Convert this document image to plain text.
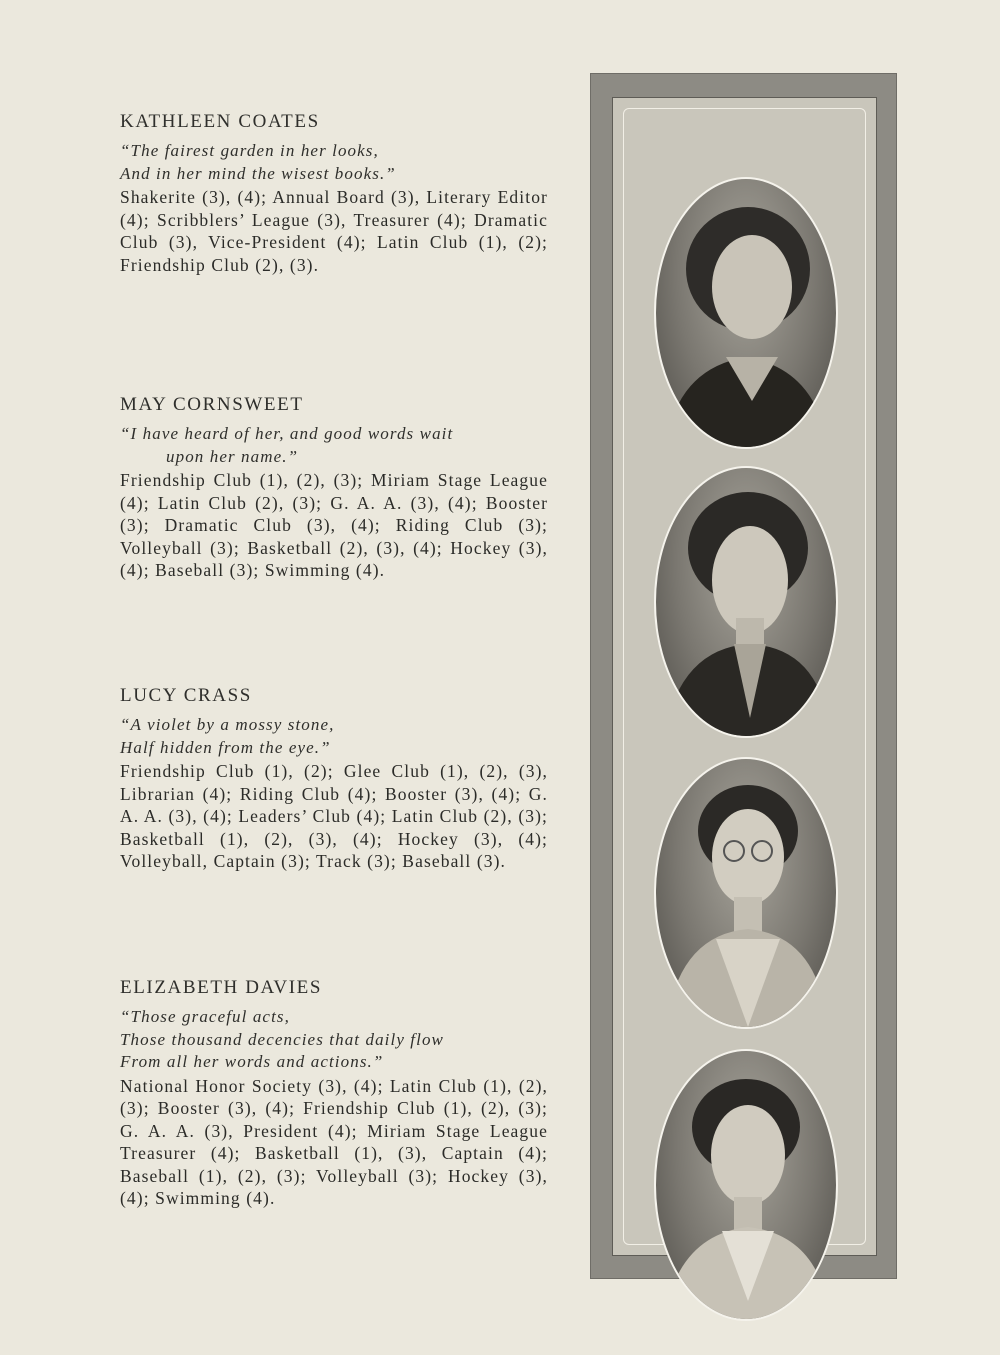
KATHLEEN COATES

“The fairest garden in her looks,
And in her mind the wisest books.”

Shakerite (3), (4); Annual Board (3), Literary Editor (4); Scribblers’ League (3), Treasurer (4); Dramatic Club (3), Vice-President (4); Latin Club (1), (2); Friendship Club (2), (3).

MAY CORNSWEET

“I have heard of her, and good words wait
upon her name.”

Friendship Club (1), (2), (3); Miriam Stage League (4); Latin Club (2), (3); G. A. A. (3), (4); Booster (3); Dramatic Club (3), (4); Riding Club (3); Volleyball (3); Basketball (2), (3), (4); Hockey (3), (4); Baseball (3); Swimming (4).

LUCY CRASS

“A violet by a mossy stone,
Half hidden from the eye.”

Friendship Club (1), (2); Glee Club (1), (2), (3), Librarian (4); Riding Club (4); Booster (3), (4); G. A. A. (3), (4); Leaders’ Club (4); Latin Club (2), (3); Basketball (1), (2), (3), (4); Hockey (3), (4); Volleyball, Captain (3); Track (3); Baseball (3).

ELIZABETH DAVIES

“Those graceful acts,
Those thousand decencies that daily flow
From all her words and actions.”

National Honor Society (3), (4); Latin Club (1), (2), (3); Booster (3), (4); Friendship Club (1), (2), (3); G. A. A. (3), President (4); Miriam Stage League Treasurer (4); Basketball (1), (3), Captain (4); Baseball (1), (2), (3); Volleyball (3); Hockey (3), (4); Swimming (4).
